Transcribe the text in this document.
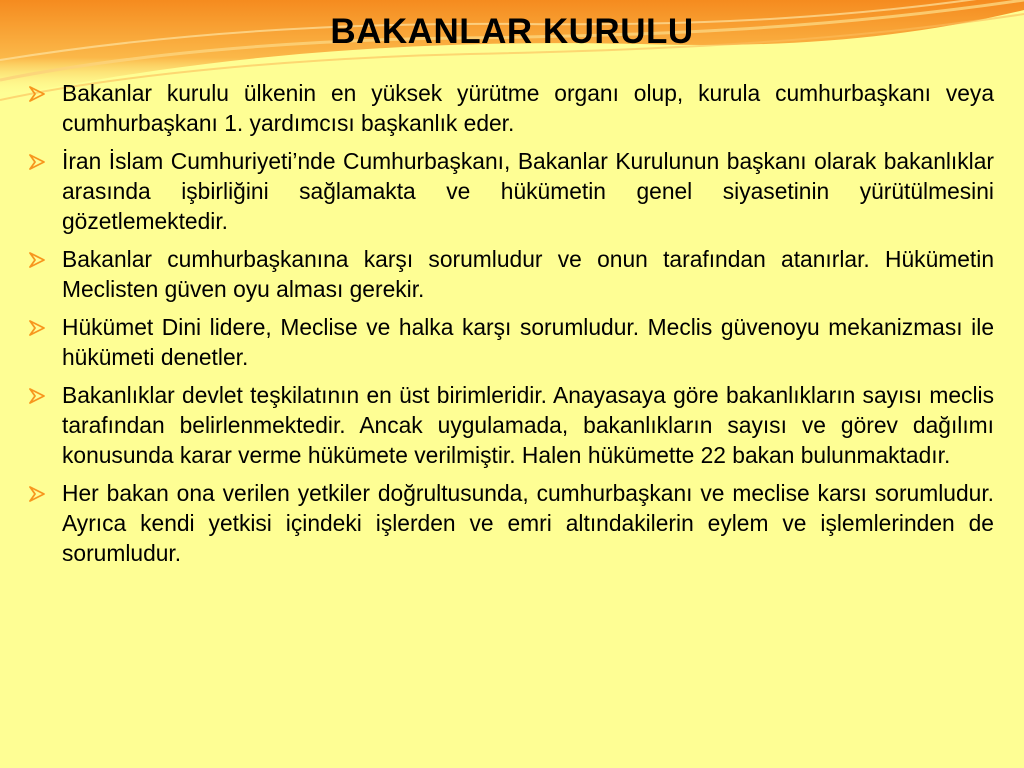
BAKANLAR KURULU
Bakanlar kurulu ülkenin en yüksek yürütme organı olup, kurula cumhurbaşkanı veya cumhurbaşkanı 1. yardımcısı başkanlık eder.
İran İslam Cumhuriyeti’nde Cumhurbaşkanı, Bakanlar Kurulunun başkanı olarak bakanlıklar arasında işbirliğini sağlamakta ve hükümetin genel siyasetinin yürütülmesini gözetlemektedir.
Bakanlar cumhurbaşkanına karşı sorumludur ve onun tarafından atanırlar. Hükümetin Meclisten güven oyu alması gerekir.
Hükümet Dini lidere, Meclise ve halka karşı sorumludur. Meclis güvenoyu mekanizması ile hükümeti denetler.
Bakanlıklar devlet teşkilatının en üst birimleridir. Anayasaya göre bakanlıkların sayısı meclis tarafından belirlenmektedir. Ancak uygulamada, bakanlıkların sayısı ve görev dağılımı konusunda karar verme hükümete verilmiştir. Halen hükümette 22 bakan bulunmaktadır.
Her bakan ona verilen yetkiler doğrultusunda, cumhurbaşkanı ve meclise karsı sorumludur. Ayrıca kendi yetkisi içindeki işlerden ve emri altındakilerin eylem ve işlemlerinden de sorumludur.
